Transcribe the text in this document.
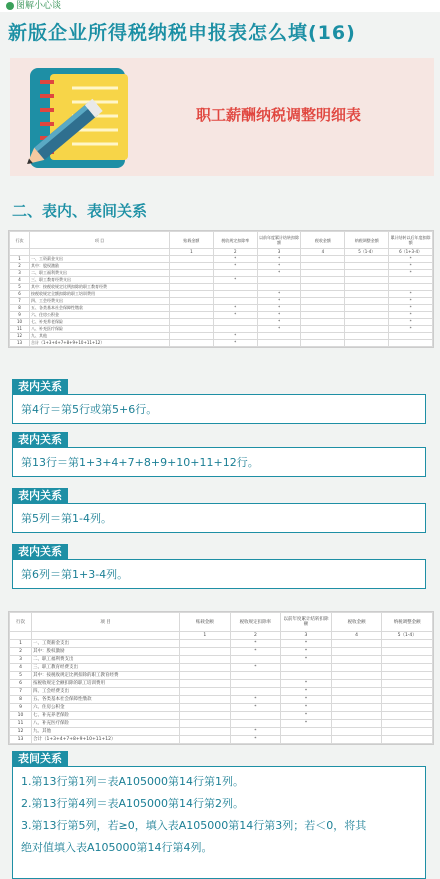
图解小心谈
新版企业所得税纳税申报表怎么填(16)
职工薪酬纳税调整明细表
二、表内、表间关系
行次	项 目	账载金额	税收规定扣除率	以前年度累计结转扣除额	税收金额	纳税调整金额	累计结转以后年度扣除额
		1	2	3	4	5（1-4）	6（1+3-4）
1	一、工资薪金支出		*	*			*
2	其中：股权激励		*	*			*
3	二、职工福利费支出			*			*
4	三、职工教育经费支出		*				
5	其中：按税收规定比例扣除的职工教育经费						
6	按税收规定全额扣除的职工培训费用			*			*
7	四、工会经费支出			*			*
8	五、各类基本社会保障性缴款		*	*			*
9	六、住房公积金		*	*			*
10	七、补充养老保险			*			*
11	八、补充医疗保险			*			*
12	九、其他		*				
13	合计（1+3+4+7+8+9+10+11+12）		*				
表内关系
第4行＝第5行或第5+6行。
表内关系
第13行＝第1+3+4+7+8+9+10+11+12行。
表内关系
第5列＝第1-4列。
表内关系
第6列＝第1+3-4列。
行次	项 目	账载金额	税收规定扣除率	以前年度累计结转扣除额	税收金额	纳税调整金额
		1	2	3	4	5（1-4）
1	一、工资薪金支出		*	*		
2	其中：股权激励		*	*		
3	二、职工福利费支出			*		
4	三、职工教育经费支出		*			
5	其中：按税收规定比例扣除的职工教育经费					
6	按税收规定全额扣除的职工培训费用			*		
7	四、工会经费支出			*		
8	五、各类基本社会保障性缴款		*	*		
9	六、住房公积金		*	*		
10	七、补充养老保险			*		
11	八、补充医疗保险			*		
12	九、其他		*			
13	合计（1+3+4+7+8+9+10+11+12）		*			
表间关系
1.第13行第1列＝表A105000第14行第1列。
2.第13行第4列＝表A105000第14行第2列。
3.第13行第5列，若≥0，填入表A105000第14行第3列；若＜0，将其
绝对值填入表A105000第14行第4列。
